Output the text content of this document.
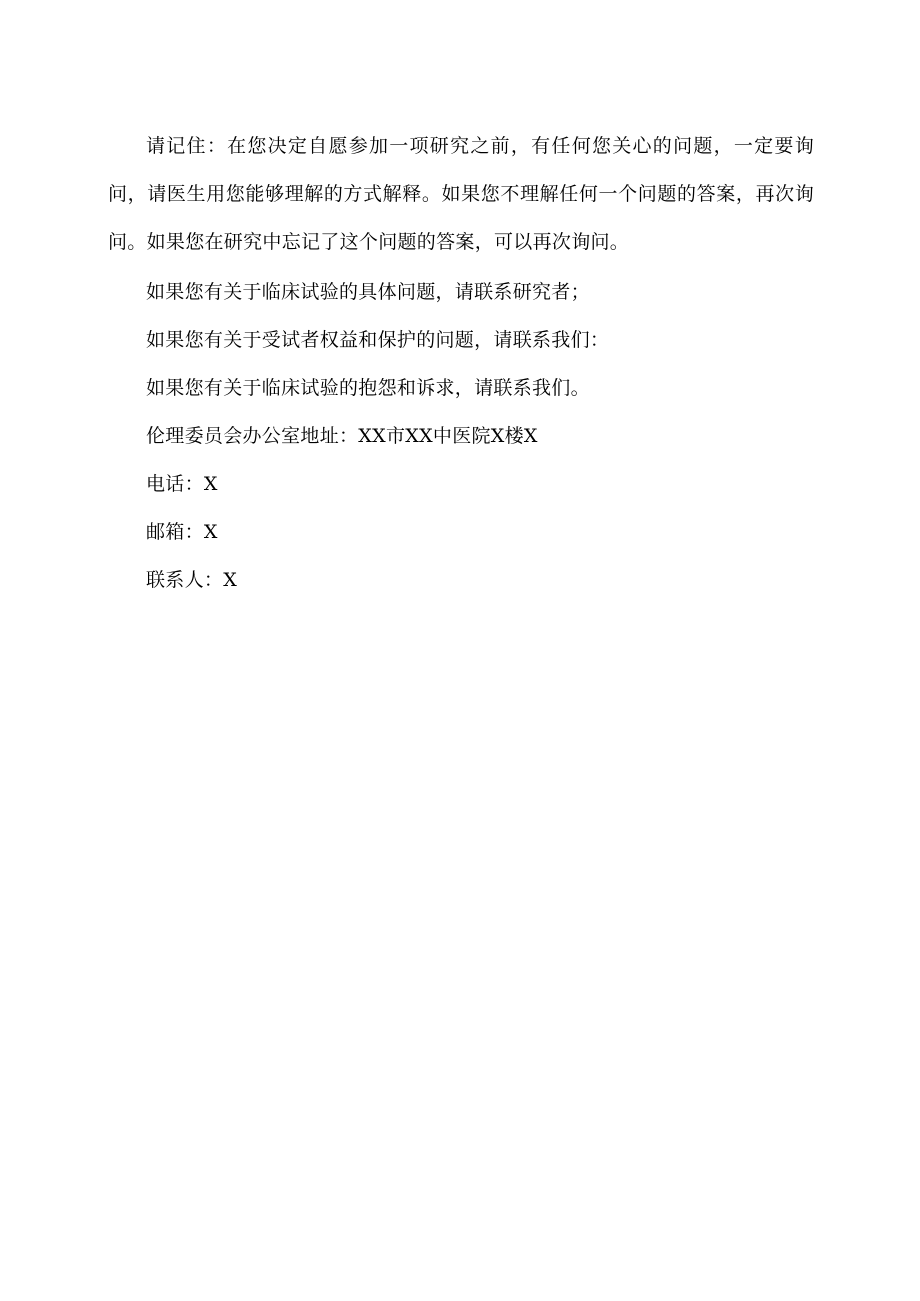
请记住：在您决定自愿参加一项研究之前，有任何您关心的问题，一定要询问，请医生用您能够理解的方式解释。如果您不理解任何一个问题的答案，再次询问。如果您在研究中忘记了这个问题的答案，可以再次询问。

如果您有关于临床试验的具体问题，请联系研究者；

如果您有关于受试者权益和保护的问题，请联系我们：

如果您有关于临床试验的抱怨和诉求，请联系我们。

伦理委员会办公室地址：XX市XX中医院X楼X

电话：X

邮箱：X

联系人：X
